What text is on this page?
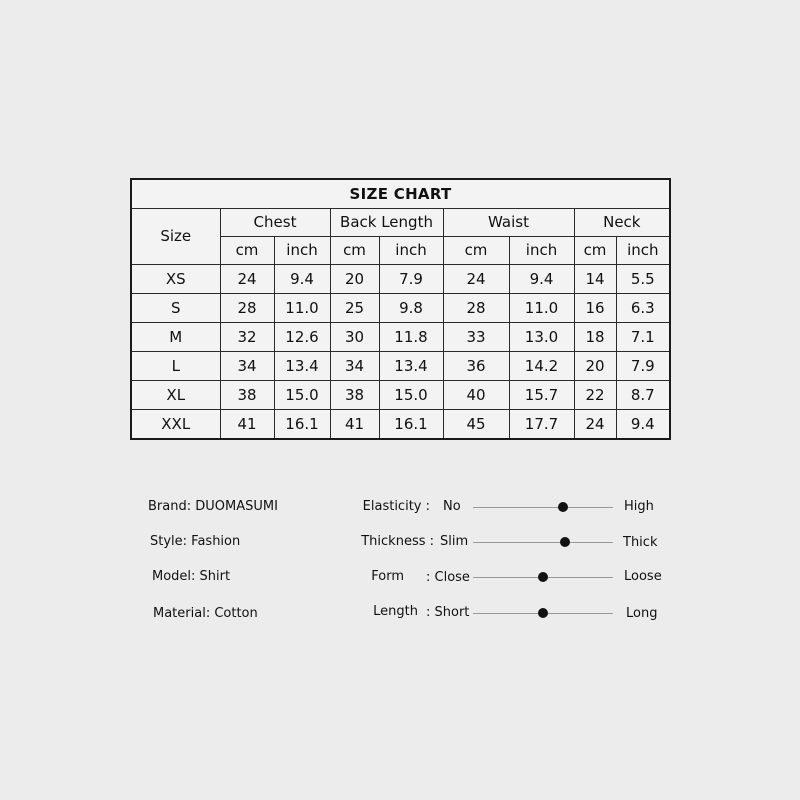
SIZE CHART								
Size	Chest		Back Length		Waist		Neck	
	cm	inch	cm	inch	cm	inch	cm	inch
XS	24	9.4	20	7.9	24	9.4	14	5.5
S	28	11.0	25	9.8	28	11.0	16	6.3
M	32	12.6	30	11.8	33	13.0	18	7.1
L	34	13.4	34	13.4	36	14.2	20	7.9
XL	38	15.0	38	15.0	40	15.7	22	8.7
XXL	41	16.1	41	16.1	45	17.7	24	9.4
Brand: DUOMASUMI
Style: Fashion
Model: Shirt
Material: Cotton
Elasticity : No	High
Thickness : Slim	Thick
Form : Close	Loose
Length : Short	Long
